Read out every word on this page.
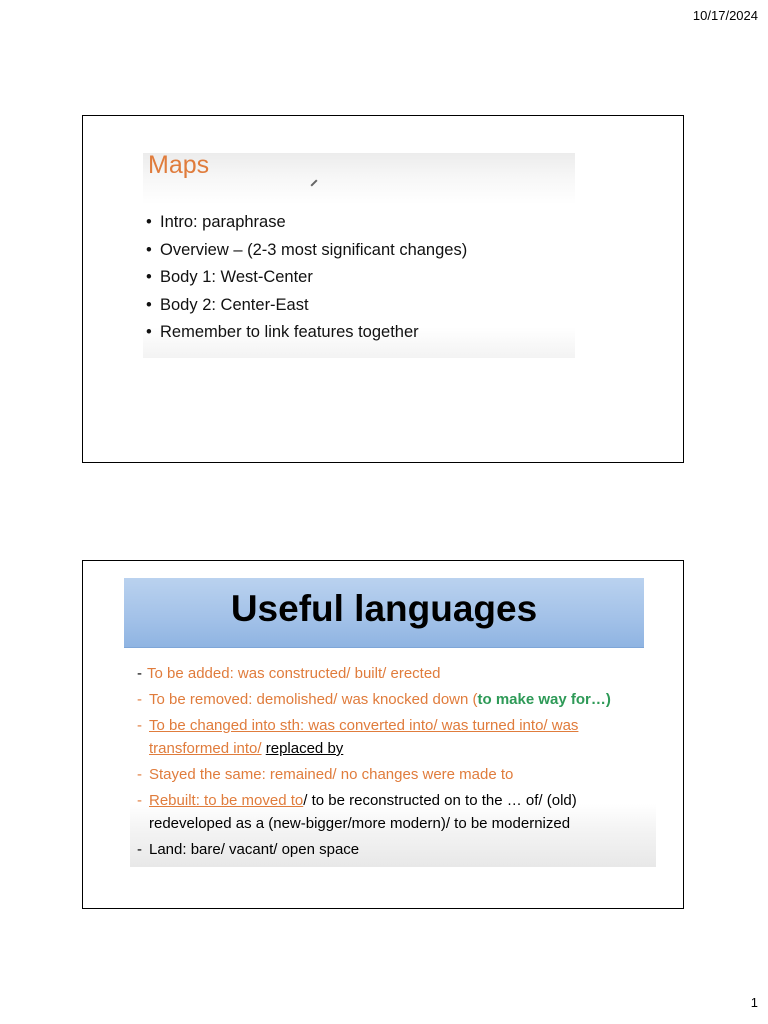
10/17/2024
Maps
• Intro: paraphrase
• Overview – (2-3 most significant changes)
• Body 1: West-Center
• Body 2: Center-East
• Remember to link features together
Useful languages
- To be added: was constructed/ built/ erected
- To be removed: demolished/ was knocked down (to make way for…)
- To be changed into sth: was converted into/ was turned into/ was
transformed into/ replaced by
- Stayed the same: remained/ no changes were made to
- Rebuilt: to be moved to/ to be reconstructed on to the … of/ (old)
redeveloped as a (new-bigger/more modern)/ to be modernized
- Land: bare/ vacant/ open space
1
